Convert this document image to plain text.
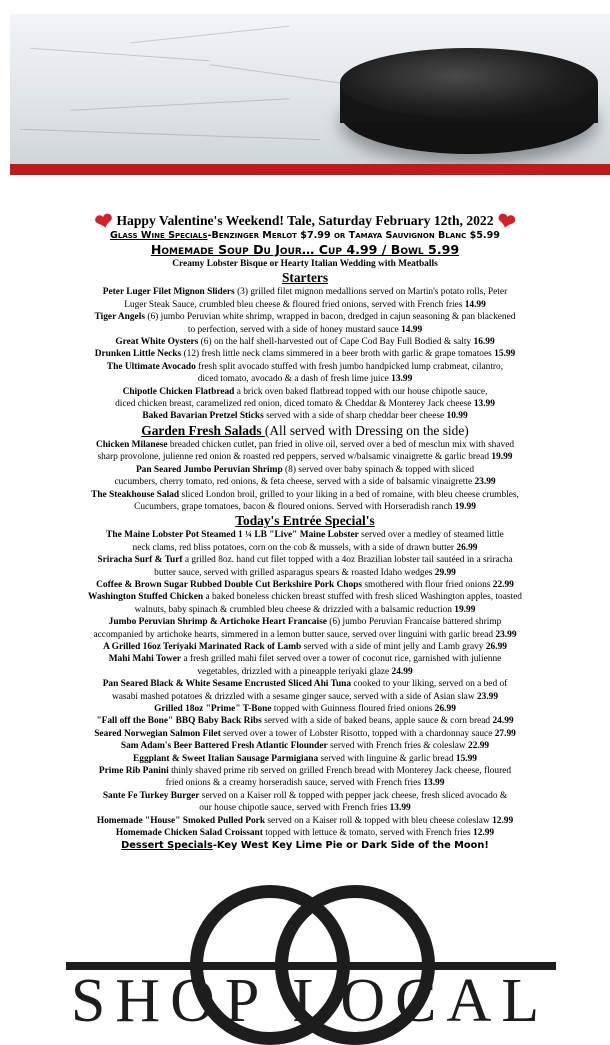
❤ Happy Valentine's Weekend! Tale, Saturday February 12th, 2022 ❤
Glass Wine Specials-Benzinger Merlot $7.99 or Tamaya Sauvignon Blanc $5.99
Homemade Soup Du Jour… Cup 4.99 / Bowl 5.99
Creamy Lobster Bisque or Hearty Italian Wedding with Meatballs
Starters
Peter Luger Filet Mignon Sliders (3) grilled filet mignon medallions served on Martin's potato rolls, Peter
Luger Steak Sauce, crumbled bleu cheese & floured fried onions, served with French fries 14.99
Tiger Angels (6) jumbo Peruvian white shrimp, wrapped in bacon, dredged in cajun seasoning & pan blackened
to perfection, served with a side of honey mustard sauce 14.99
Great White Oysters (6) on the half shell-harvested out of Cape Cod Bay Full Bodied & salty 16.99
Drunken Little Necks (12) fresh little neck clams simmered in a beer broth with garlic & grape tomatoes 15.99
The Ultimate Avocado fresh split avocado stuffed with fresh jumbo handpicked lump crabmeat, cilantro,
diced tomato, avocado & a dash of fresh lime juice 13.99
Chipotle Chicken Flatbread a brick oven baked flatbread topped with our house chipotle sauce,
diced chicken breast, caramelized red onion, diced tomato & Cheddar & Monterey Jack cheese 13.99
Baked Bavarian Pretzel Sticks served with a side of sharp cheddar beer cheese 10.99
Garden Fresh Salads (All served with Dressing on the side)
Chicken Milanese breaded chicken cutlet, pan fried in olive oil, served over a bed of mesclun mix with shaved
sharp provolone, julienne red onion & roasted red peppers, served w/balsamic vinaigrette & garlic bread 19.99
Pan Seared Jumbo Peruvian Shrimp (8) served over baby spinach & topped with sliced
cucumbers, cherry tomato, red onions, & feta cheese, served with a side of balsamic vinaigrette 23.99
The Steakhouse Salad sliced London broil, grilled to your liking in a bed of romaine, with bleu cheese crumbles,
Cucumbers, grape tomatoes, bacon & floured onions. Served with Horseradish ranch 19.99
Today's Entrée Special's
The Maine Lobster Pot Steamed 1 ¼ LB "Live" Maine Lobster served over a medley of steamed little
neck clams, red bliss potatoes, corn on the cob & mussels, with a side of drawn butter 26.99
Sriracha Surf & Turf a grilled 8oz. hand cut filet topped with a 4oz Brazilian lobster tail sautéed in a sriracha
butter sauce, served with grilled asparagus spears & roasted Idaho wedges 29.99
Coffee & Brown Sugar Rubbed Double Cut Berkshire Pork Chops smothered with flour fried onions 22.99
Washington Stuffed Chicken a baked boneless chicken breast stuffed with fresh sliced Washington apples, toasted
walnuts, baby spinach & crumbled bleu cheese & drizzled with a balsamic reduction 19.99
Jumbo Peruvian Shrimp & Artichoke Heart Francaise (6) jumbo Peruvian Francaise battered shrimp
accompanied by artichoke hearts, simmered in a lemon butter sauce, served over linguini with garlic bread 23.99
A Grilled 16oz Teriyaki Marinated Rack of Lamb served with a side of mint jelly and Lamb gravy 26.99
Mahi Mahi Tower a fresh grilled mahi filet served over a tower of coconut rice, garnished with julienne
vegetables, drizzled with a pineapple teriyaki glaze 24.99
Pan Seared Black & White Sesame Encrusted Sliced Ahi Tuna cooked to your liking, served on a bed of
wasabi mashed potatoes & drizzled with a sesame ginger sauce, served with a side of Asian slaw 23.99
Grilled 18oz "Prime" T-Bone topped with Guinness floured fried onions 26.99
"Fall off the Bone" BBQ Baby Back Ribs served with a side of baked beans, apple sauce & corn bread 24.99
Seared Norwegian Salmon Filet served over a tower of Lobster Risotto, topped with a chardonnay sauce 27.99
Sam Adam's Beer Battered Fresh Atlantic Flounder served with French fries & coleslaw 22.99
Eggplant & Sweet Italian Sausage Parmigiana served with linguine & garlic bread 15.99
Prime Rib Panini thinly shaved prime rib served on grilled French bread with Monterey Jack cheese, floured
fried onions & a creamy horseradish sauce, served with French fries 13.99
Sante Fe Turkey Burger served on a Kaiser roll & topped with pepper jack cheese, fresh sliced avocado &
our house chipotle sauce, served with French fries 13.99
Homemade "House" Smoked Pulled Pork served on a Kaiser roll & topped with bleu cheese coleslaw 12.99
Homemade Chicken Salad Croissant topped with lettuce & tomato, served with French fries 12.99
Dessert Specials-Key West Key Lime Pie or Dark Side of the Moon!
SHOP LOCAL
